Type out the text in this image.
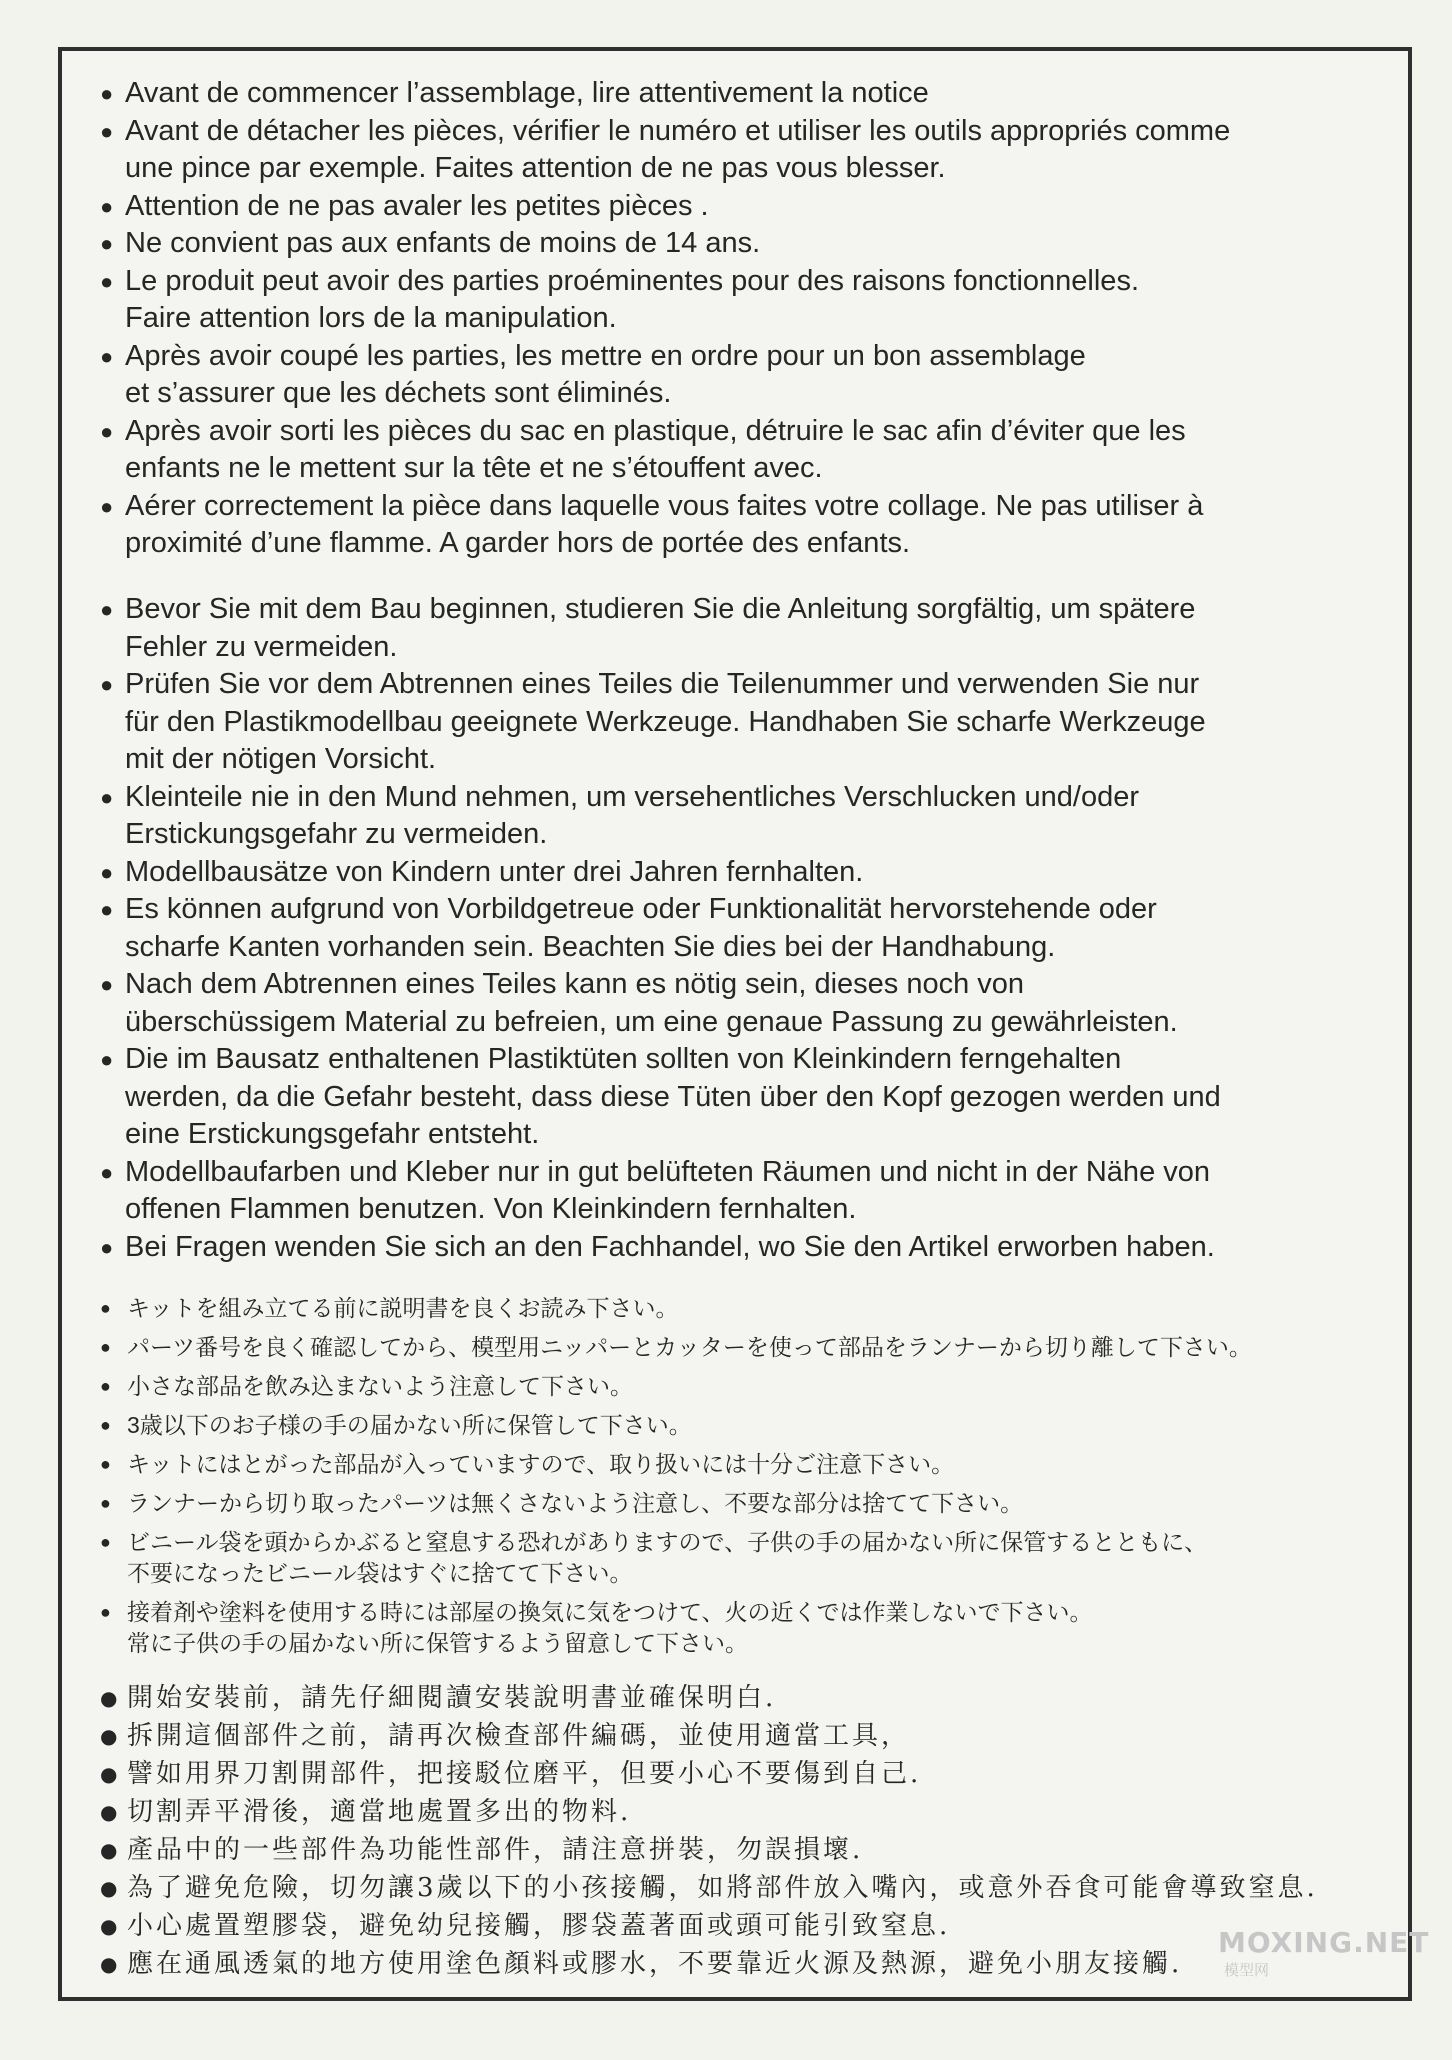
● Avant de commencer l’assemblage, lire attentivement la notice
● Avant de détacher les pièces, vérifier le numéro et utiliser les outils appropriés comme
une pince par exemple. Faites attention de ne pas vous blesser.
● Attention de ne pas avaler les petites pièces .
● Ne convient pas aux enfants de moins de 14 ans.
● Le produit peut avoir des parties proéminentes pour des raisons fonctionnelles.
Faire attention lors de la manipulation.
● Après avoir coupé les parties, les mettre en ordre pour un bon assemblage
et s’assurer que les déchets sont éliminés.
● Après avoir sorti les pièces du sac en plastique, détruire le sac afin d’éviter que les
enfants ne le mettent sur la tête et ne s’étouffent avec.
● Aérer correctement la pièce dans laquelle vous faites votre collage. Ne pas utiliser à
proximité d’une flamme. A garder hors de portée des enfants.
● Bevor Sie mit dem Bau beginnen, studieren Sie die Anleitung sorgfältig, um spätere
Fehler zu vermeiden.
● Prüfen Sie vor dem Abtrennen eines Teiles die Teilenummer und verwenden Sie nur
für den Plastikmodellbau geeignete Werkzeuge. Handhaben Sie scharfe Werkzeuge
mit der nötigen Vorsicht.
● Kleinteile nie in den Mund nehmen, um versehentliches Verschlucken und/oder
Erstickungsgefahr zu vermeiden.
● Modellbausätze von Kindern unter drei Jahren fernhalten.
● Es können aufgrund von Vorbildgetreue oder Funktionalität hervorstehende oder
scharfe Kanten vorhanden sein. Beachten Sie dies bei der Handhabung.
● Nach dem Abtrennen eines Teiles kann es nötig sein, dieses noch von
überschüssigem Material zu befreien, um eine genaue Passung zu gewährleisten.
● Die im Bausatz enthaltenen Plastiktüten sollten von Kleinkindern ferngehalten
werden, da die Gefahr besteht, dass diese Tüten über den Kopf gezogen werden und
eine Erstickungsgefahr entsteht.
● Modellbaufarben und Kleber nur in gut belüfteten Räumen und nicht in der Nähe von
offenen Flammen benutzen. Von Kleinkindern fernhalten.
● Bei Fragen wenden Sie sich an den Fachhandel, wo Sie den Artikel erworben haben.
● キットを組み立てる前に説明書を良くお読み下さい。
● パーツ番号を良く確認してから、模型用ニッパーとカッターを使って部品をランナーから切り離して下さい。
● 小さな部品を飲み込まないよう注意して下さい。
● 3歳以下のお子様の手の届かない所に保管して下さい。
● キットにはとがった部品が入っていますので、取り扱いには十分ご注意下さい。
● ランナーから切り取ったパーツは無くさないよう注意し、不要な部分は捨てて下さい。
● ビニール袋を頭からかぶると窒息する恐れがありますので、子供の手の届かない所に保管するとともに、
不要になったビニール袋はすぐに捨てて下さい。
● 接着剤や塗料を使用する時には部屋の換気に気をつけて、火の近くでは作業しないで下さい。
常に子供の手の届かない所に保管するよう留意して下さい。
● 開始安裝前，請先仔細閱讀安裝說明書並確保明白.
● 拆開這個部件之前，請再次檢查部件編碼，並使用適當工具，
● 譬如用界刀割開部件，把接駁位磨平，但要小心不要傷到自己.
● 切割弄平滑後，適當地處置多出的物料.
● 產品中的一些部件為功能性部件，請注意拼裝，勿誤損壞.
● 為了避免危險，切勿讓3歲以下的小孩接觸，如將部件放入嘴內，或意外吞食可能會導致窒息.
● 小心處置塑膠袋，避免幼兒接觸，膠袋蓋著面或頭可能引致窒息.
● 應在通風透氣的地方使用塗色顏料或膠水，不要靠近火源及熱源，避免小朋友接觸.
MOXING.NET
模型网
